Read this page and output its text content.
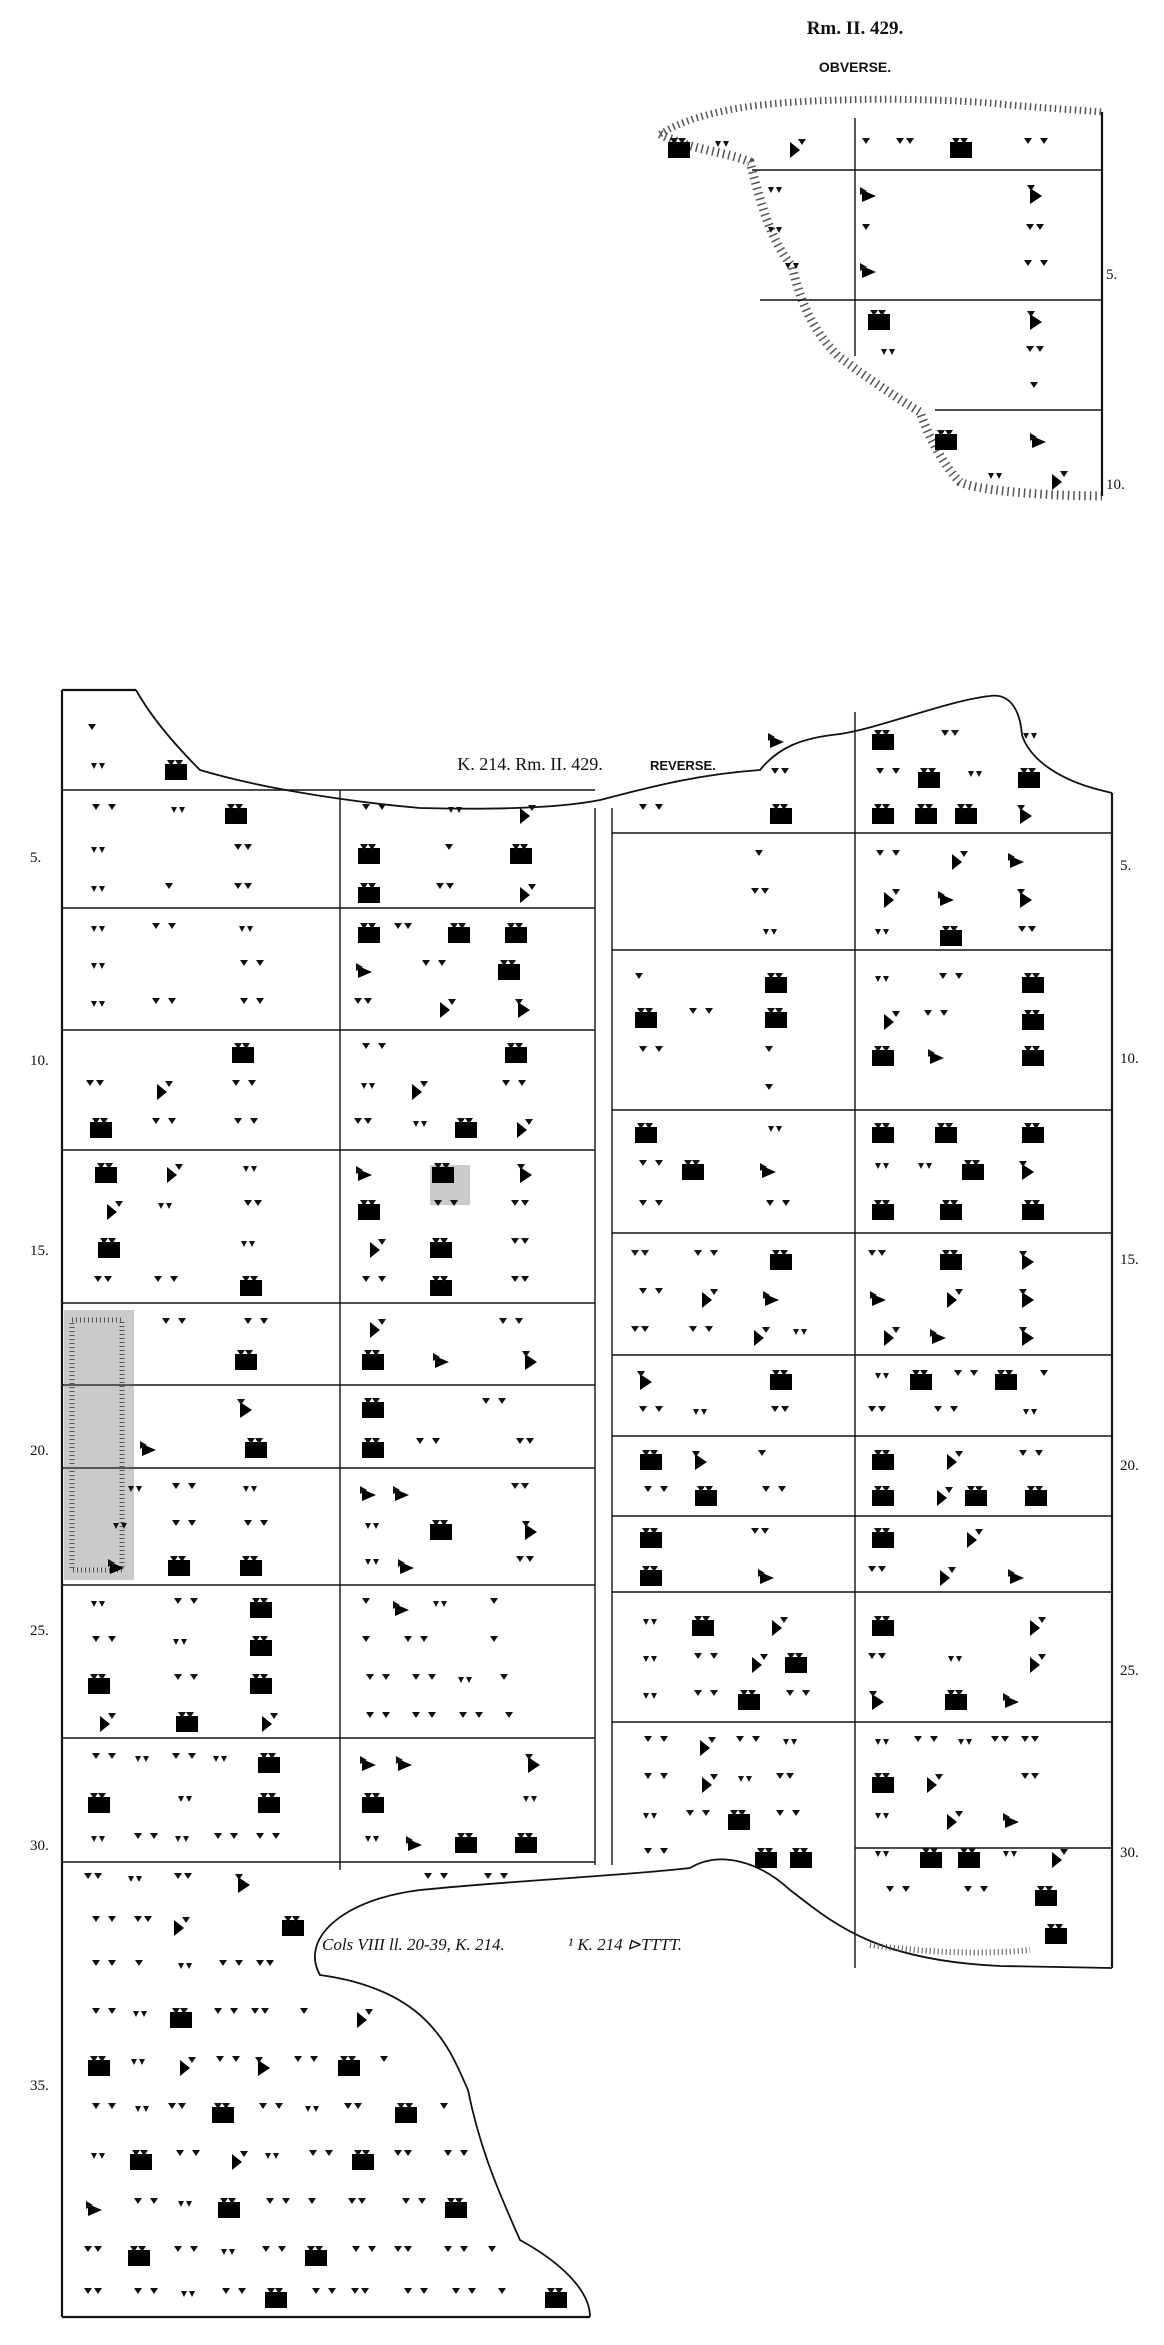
Rm. II. 429.
OBVERSE.
5.
10.
K. 214. Rm. II. 429.	REVERSE.
5.
10.
15.
20.
25.
30.
35.
5.
10.
15.
20.
25.
30.
Cols VIII ll. 20-39, K. 214.	¹ K. 214 ⊳TTTT.
